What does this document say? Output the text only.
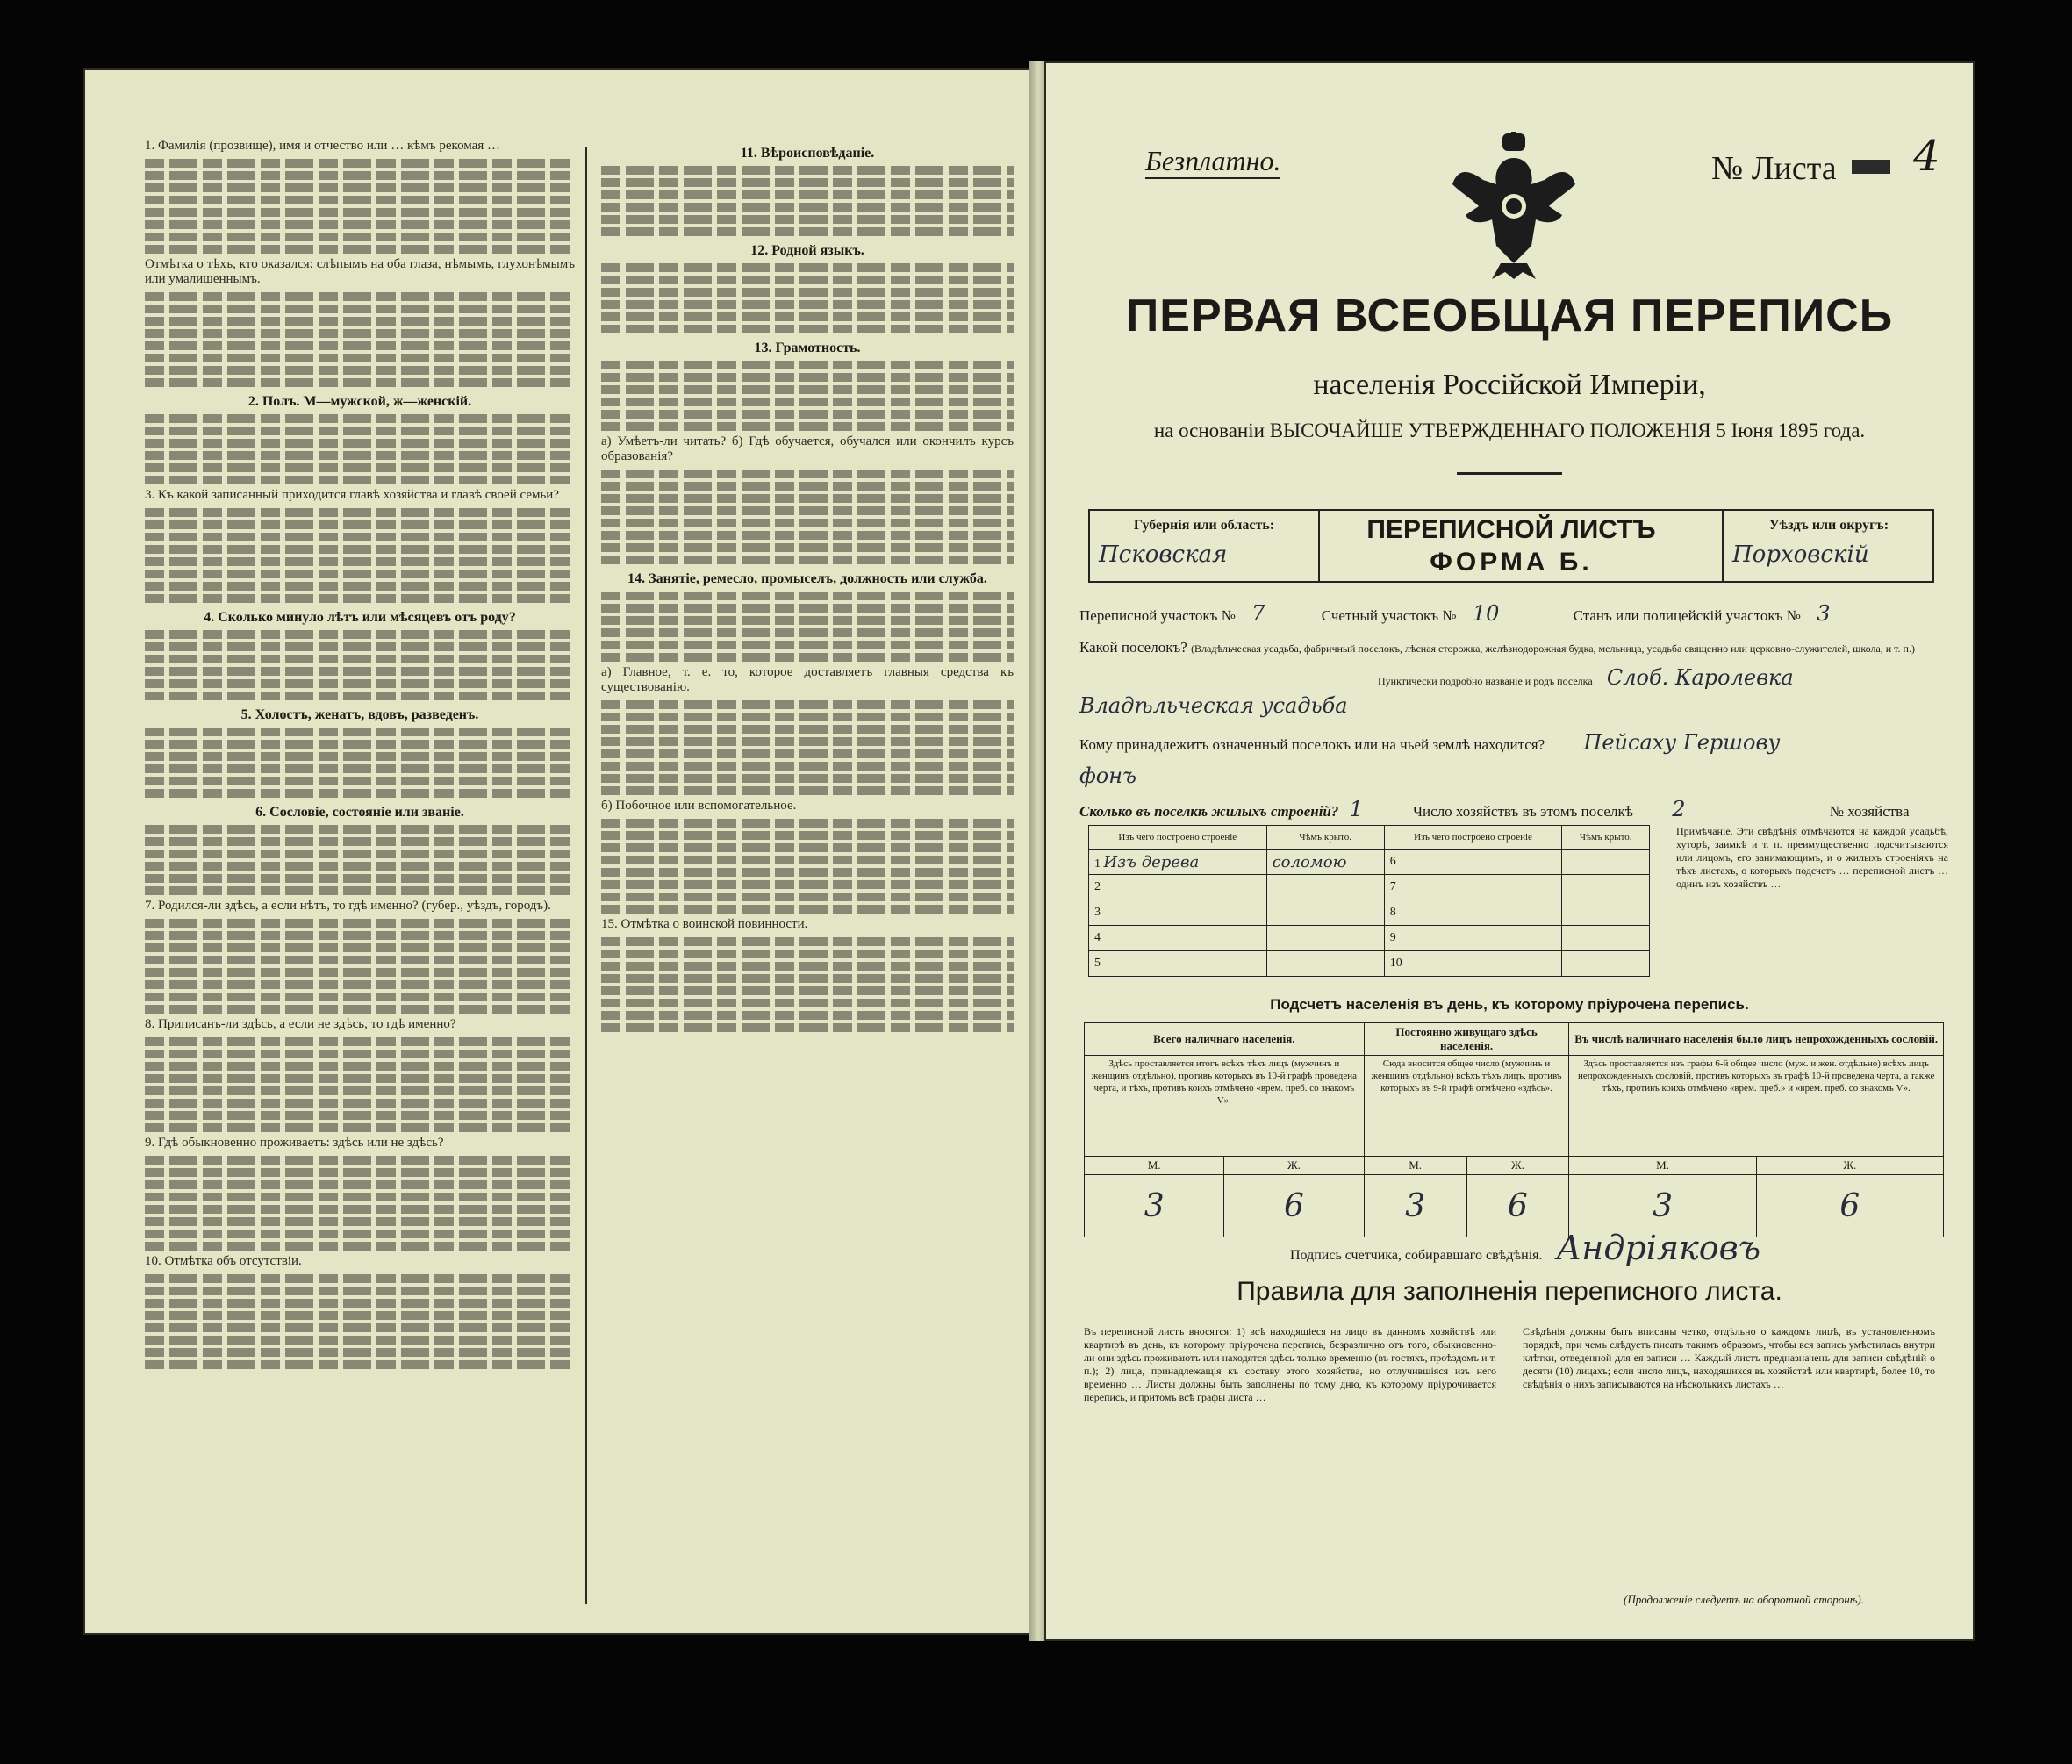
1. Фамилія (прозвище), имя и отчество или … кѣмъ рекомая …

Отмѣтка о тѣхъ, кто оказался: слѣпымъ на оба глаза, нѣмымъ, глухонѣмымъ или умалишеннымъ.

2. Полъ. М—мужской, ж—женскій.

3. Къ какой записанный приходится главѣ хозяйства и главѣ своей семьи?

4. Сколько минуло лѣтъ или мѣсяцевъ отъ роду?
5. Холостъ, женатъ, вдовъ, разведенъ.
6. Сословіе, состояніе или званіе.

7. Родился-ли здѣсь, а если нѣтъ, то гдѣ именно? (губер., уѣздъ, городъ).

8. Приписанъ-ли здѣсь, а если не здѣсь, то гдѣ именно?

9. Гдѣ обыкновенно проживаетъ: здѣсь или не здѣсь?

10. Отмѣтка объ отсутствіи.

11. Вѣроисповѣданіе.
12. Родной языкъ.
13. Грамотность.

а) Умѣетъ-ли читать? б) Гдѣ обучается, обучался или окончилъ курсъ образованія?

14. Занятіе, ремесло, промыселъ, должность или служба.

а) Главное, т. е. то, которое доставляетъ главныя средства къ существованію.

б) Побочное или вспомогательное.

15. Отмѣтка о воинской повинности.

Безплатно.	№ Листа 4
ПЕРВАЯ ВСЕОБЩАЯ ПЕРЕПИСЬ
населенія Россійской Имперіи,
на основаніи ВЫСОЧАЙШЕ УТВЕРЖДЕННАГО ПОЛОЖЕНІЯ 5 Іюня 1895 года.
Губернія или область:
Псковская
ПЕРЕПИСНОЙ ЛИСТЪ
ФОРМА Б.
Уѣздъ или округъ:
Порховскій
Переписной участокъ № 7	Счетный участокъ № 10	Станъ или полицейскій участокъ № 3
Какой поселокъ? (Владѣльческая усадьба, фабричный поселокъ, лѣсная сторожка, желѣзнодорожная будка, мельница, усадьба священно или церковно-служителей, школа, и т. п.)
Пунктически подробно названіе и родъ поселка Слоб. Каролевка
Владѣльческая усадьба
Кому принадлежитъ означенный поселокъ или на чьей землѣ находится? Пейсаху Гершову
фонъ
Число хозяйствъ въ этомъ поселкѣ 2	№ хозяйства
Сколько въ поселкѣ жилыхъ строеній? 1
Изъ чего построено строеніе	Чѣмъ крыто.	Изъ чего построено строеніе	Чѣмъ крыто.
1 Изъ дерева	соломою	6	
2		7	
3		8	
4		9	
5		10	
Примѣчаніе. Эти свѣдѣнія отмѣчаются на каждой усадьбѣ, хуторѣ, заимкѣ и т. п. преимущественно подсчитываются или лицомъ, его занимающимъ, и о жилыхъ строеніяхъ на тѣхъ листахъ, о которыхъ подсчетъ … переписной листъ … одинъ изъ хозяйствъ …
Подсчетъ населенія въ день, къ которому пріурочена перепись.
Всего наличнаго населенія.		Постоянно живущаго здѣсь населенія.		Въ числѣ наличнаго населенія было лицъ непрохожденныхъ сословій.	
Здѣсь проставляется итогъ всѣхъ тѣхъ лицъ (мужчинъ и женщинъ отдѣльно), противъ которыхъ въ 10-й графѣ проведена черта, и тѣхъ, противъ коихъ отмѣчено «врем. преб. со знакомъ V».		Сюда вносится общее число (мужчинъ и женщинъ отдѣльно) всѣхъ тѣхъ лицъ, противъ которыхъ въ 9-й графѣ отмѣчено «здѣсь».		Здѣсь проставляется изъ графы 6-й общее число (муж. и жен. отдѣльно) всѣхъ лицъ непрохожденныхъ сословій, противъ которыхъ въ графѣ 10-й проведена черта, а также тѣхъ, противъ коихъ отмѣчено «врем. преб.» и «врем. преб. со знакомъ V».	
М.	Ж.	М.	Ж.	М.	Ж.
3	6	3	6	3	6
Подпись счетчика, собиравшаго свѣдѣнія. Андріяковъ
Правила для заполненія переписного листа.
Въ переписной листъ вносятся: 1) всѣ находящіеся на лицо въ данномъ хозяйствѣ или квартирѣ въ день, къ которому пріурочена перепись, безразлично отъ того, обыкновенно-ли они здѣсь проживаютъ или находятся здѣсь только временно (въ гостяхъ, проѣздомъ и т. п.); 2) лица, принадлежащія къ составу этого хозяйства, но отлучившіяся изъ него временно … Листы должны быть заполнены по тому дню, къ которому пріурочивается перепись, и притомъ всѣ графы листа …
Свѣдѣнія должны быть вписаны четко, отдѣльно о каждомъ лицѣ, въ установленномъ порядкѣ, при чемъ слѣдуетъ писать такимъ образомъ, чтобы вся запись умѣстилась внутри клѣтки, отведенной для ея записи … Каждый листъ предназначенъ для записи свѣдѣній о десяти (10) лицахъ; если число лицъ, находящихся въ хозяйствѣ или квартирѣ, более 10, то свѣдѣнія о нихъ записываются на нѣсколькихъ листахъ …
(Продолженіе следуетъ на оборотной сторонѣ).
